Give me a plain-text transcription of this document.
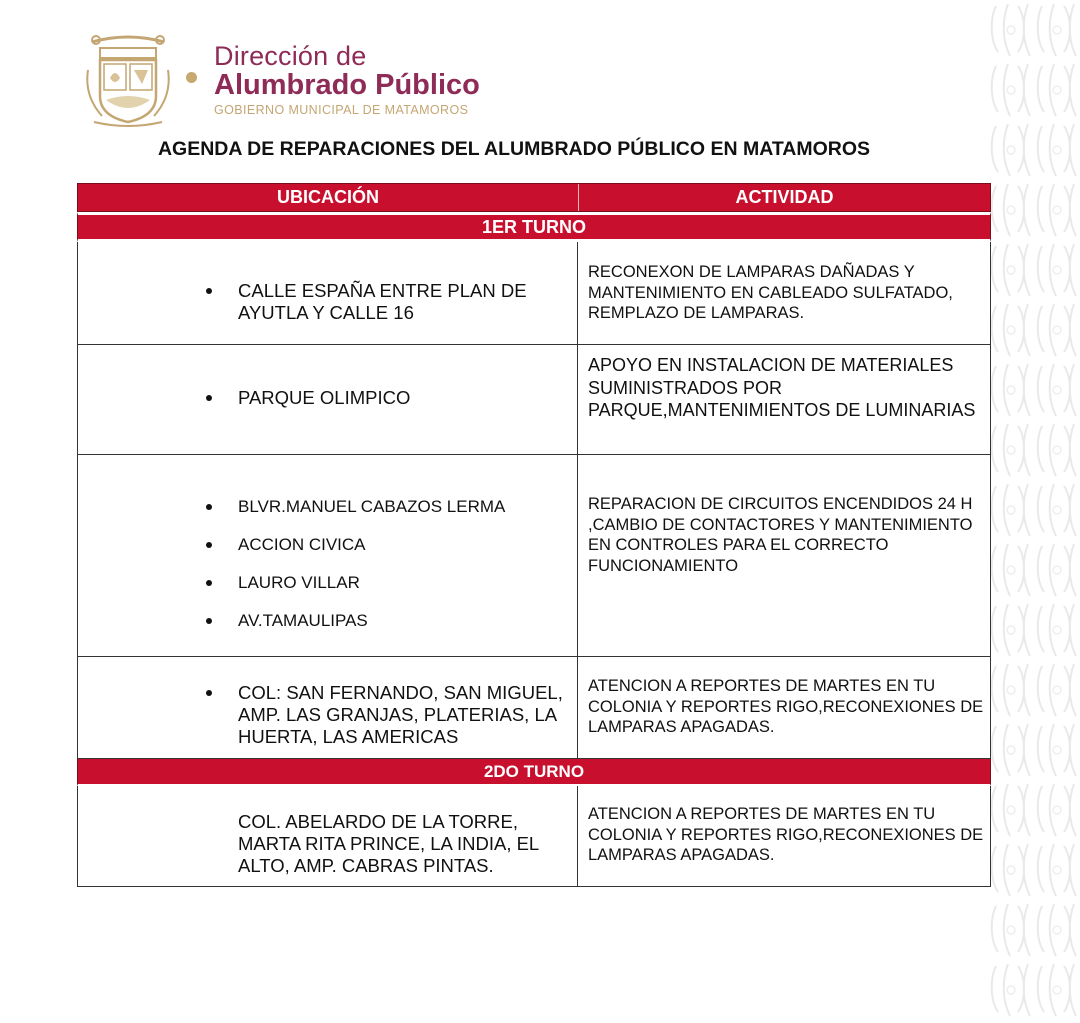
Dirección de
Alumbrado Público
GOBIERNO MUNICIPAL DE MATAMOROS
AGENDA DE REPARACIONES DEL ALUMBRADO PÚBLICO EN MATAMOROS
UBICACIÓN	ACTIVIDAD
1ER TURNO
CALLE ESPAÑA ENTRE PLAN DE AYUTLA Y CALLE 16
RECONEXON DE LAMPARAS DAÑADAS Y MANTENIMIENTO EN CABLEADO SULFATADO, REMPLAZO DE LAMPARAS.
PARQUE OLIMPICO
APOYO EN INSTALACION DE MATERIALES SUMINISTRADOS POR PARQUE,MANTENIMIENTOS DE LUMINARIAS
BLVR.MANUEL CABAZOS LERMA
ACCION CIVICA
LAURO VILLAR
AV.TAMAULIPAS
REPARACION DE CIRCUITOS ENCENDIDOS 24 H ,CAMBIO DE CONTACTORES Y MANTENIMIENTO EN CONTROLES PARA EL CORRECTO FUNCIONAMIENTO
COL: SAN FERNANDO, SAN MIGUEL, AMP. LAS GRANJAS, PLATERIAS, LA HUERTA, LAS AMERICAS
ATENCION A REPORTES DE MARTES EN TU COLONIA Y REPORTES RIGO,RECONEXIONES DE LAMPARAS APAGADAS.
2DO TURNO
COL. ABELARDO DE LA TORRE, MARTA RITA PRINCE, LA INDIA, EL ALTO, AMP. CABRAS PINTAS.
ATENCION A REPORTES DE MARTES EN TU COLONIA Y REPORTES RIGO,RECONEXIONES DE LAMPARAS APAGADAS.
